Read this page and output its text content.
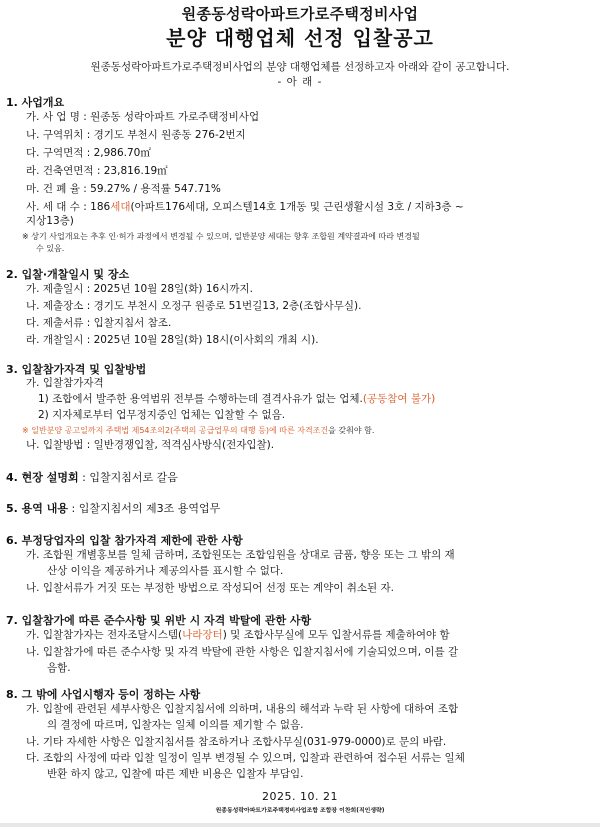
원종동성락아파트가로주택정비사업
분양 대행업체 선정 입찰공고
원종동성락아파트가로주택정비사업의 분양 대행업체를 선정하고자 아래와 같이 공고합니다.
- 아 래 -
1. 사업개요
가. 사 업 명 : 원종동 성락아파트 가로주택정비사업
나. 구역위치 : 경기도 부천시 원종동 276-2번지
다. 구역면적 : 2,986.70㎡
라. 건축연면적 : 23,816.19㎡
마. 건 폐 율 : 59.27% / 용적률 547.71%
사. 세 대 수 : 186세대(아파트176세대, 오피스텔14호 1개동 및 근린생활시설 3호 / 지하3층 ~
지상13층)
※ 상기 사업개요는 추후 인·허가 과정에서 변경될 수 있으며, 일반분양 세대는 향후 조합원 계약결과에 따라 변경될
수 있음.
2. 입찰·개찰일시 및 장소
가. 제출일시 : 2025년 10월 28일(화) 16시까지.
나. 제출장소 : 경기도 부천시 오정구 원종로 51번길13, 2층(조합사무실).
다. 제출서류 : 입찰지침서 참조.
라. 개찰일시 : 2025년 10월 28일(화) 18시(이사회의 개최 시).
3. 입찰참가자격 및 입찰방법
가. 입찰참가자격
1) 조합에서 발주한 용역범위 전부를 수행하는데 결격사유가 없는 업체.(공동참여 불가)
2) 지자체로부터 업무정지중인 업체는 입찰할 수 없음.
※ 일반분양 공고일까지 주택법 제54조의2(주택의 공급업무의 대행 등)에 따른 자격조건을 갖춰야 함.
나. 입찰방법 : 일반경쟁입찰, 적격심사방식(전자입찰).
4. 현장 설명회 : 입찰지침서로 갈음
5. 용역 내용 : 입찰지침서의 제3조 용역업무
6. 부정당업자의 입찰 참가자격 제한에 관한 사항
가. 조합원 개별홍보를 일체 금하며, 조합원또는 조합임원을 상대로 금품, 향응 또는 그 밖의 재
산상 이익을 제공하거나 제공의사를 표시할 수 없다.
나. 입찰서류가 거짓 또는 부정한 방법으로 작성되어 선정 또는 계약이 취소된 자.
7. 입찰참가에 따른 준수사항 및 위반 시 자격 박탈에 관한 사항
가. 입찰참가자는 전자조달시스템(나라장터) 및 조합사무실에 모두 입찰서류를 제출하여야 함
나. 입찰참가에 따른 준수사항 및 자격 박탈에 관한 사항은 입찰지침서에 기술되었으며, 이를 갈
음함.
8. 그 밖에 사업시행자 등이 정하는 사항
가. 입찰에 관련된 세부사항은 입찰지침서에 의하며, 내용의 해석과 누락 된 사항에 대하여 조합
의 결정에 따르며, 입찰자는 일체 이의를 제기할 수 없음.
나. 기타 자세한 사항은 입찰지침서를 참조하거나 조합사무실(031-979-0000)로 문의 바람.
다. 조합의 사정에 따라 입찰 일정이 일부 변경될 수 있으며, 입찰과 관련하여 접수된 서류는 일체
반환 하지 않고, 입찰에 따른 제반 비용은 입찰자 부담임.
2025. 10. 21
원종동성락아파트가로주택정비사업조합 조합장 이찬희(직인생략)
